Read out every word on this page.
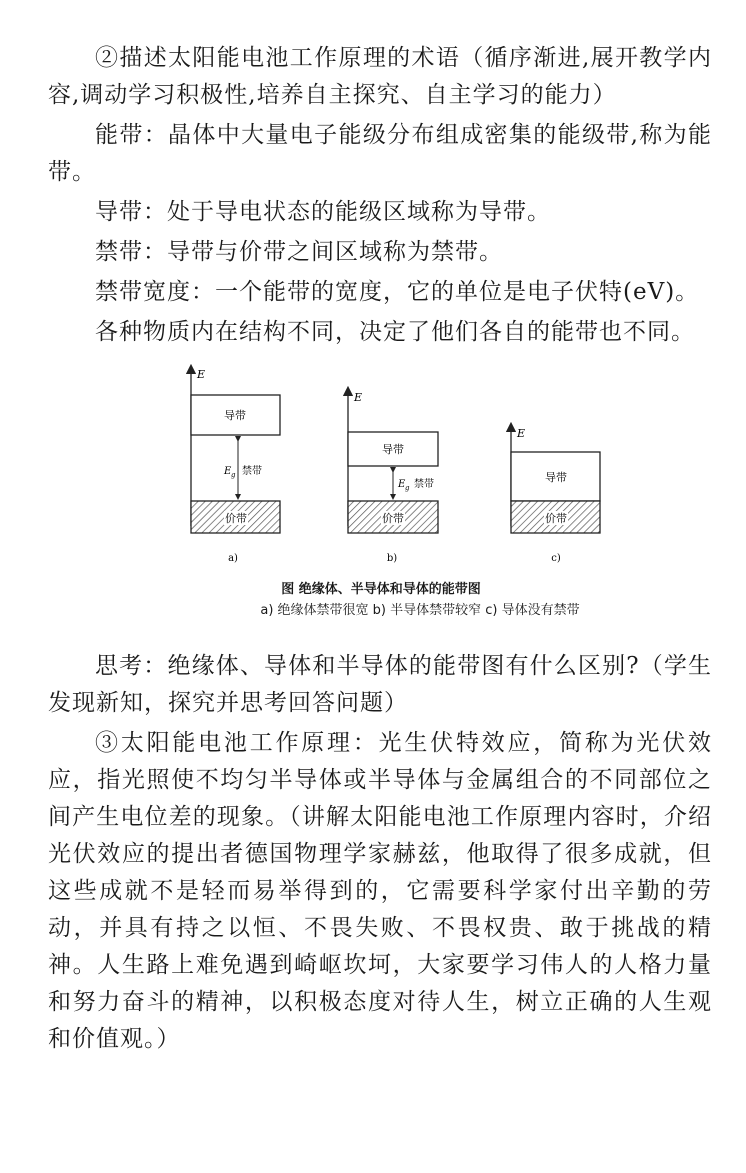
②描述太阳能电池工作原理的术语（循序渐进,展开教学内容,调动学习积极性,培养自主探究、自主学习的能力）

能带：晶体中大量电子能级分布组成密集的能级带,称为能带。

导带：处于导电状态的能级区域称为导带。

禁带：导带与价带之间区域称为禁带。

禁带宽度：一个能带的宽度，它的单位是电子伏特(eV)。

各种物质内在结构不同，决定了他们各自的能带也不同。

E
导带
E g 禁带
价带
a)
E
导带
E g 禁带
价带
b)
E
导带
价带
c)
图 绝缘体、半导体和导体的能带图
a) 绝缘体禁带很宽 b) 半导体禁带较窄 c) 导体没有禁带

思考：绝缘体、导体和半导体的能带图有什么区别?（学生发现新知，探究并思考回答问题）

③太阳能电池工作原理：光生伏特效应，简称为光伏效应，指光照使不均匀半导体或半导体与金属组合的不同部位之间产生电位差的现象。（讲解太阳能电池工作原理内容时，介绍光伏效应的提出者德国物理学家赫兹，他取得了很多成就，但这些成就不是轻而易举得到的，它需要科学家付出辛勤的劳动，并具有持之以恒、不畏失败、不畏权贵、敢于挑战的精神。人生路上难免遇到崎岖坎坷，大家要学习伟人的人格力量和努力奋斗的精神，以积极态度对待人生，树立正确的人生观和价值观。）
